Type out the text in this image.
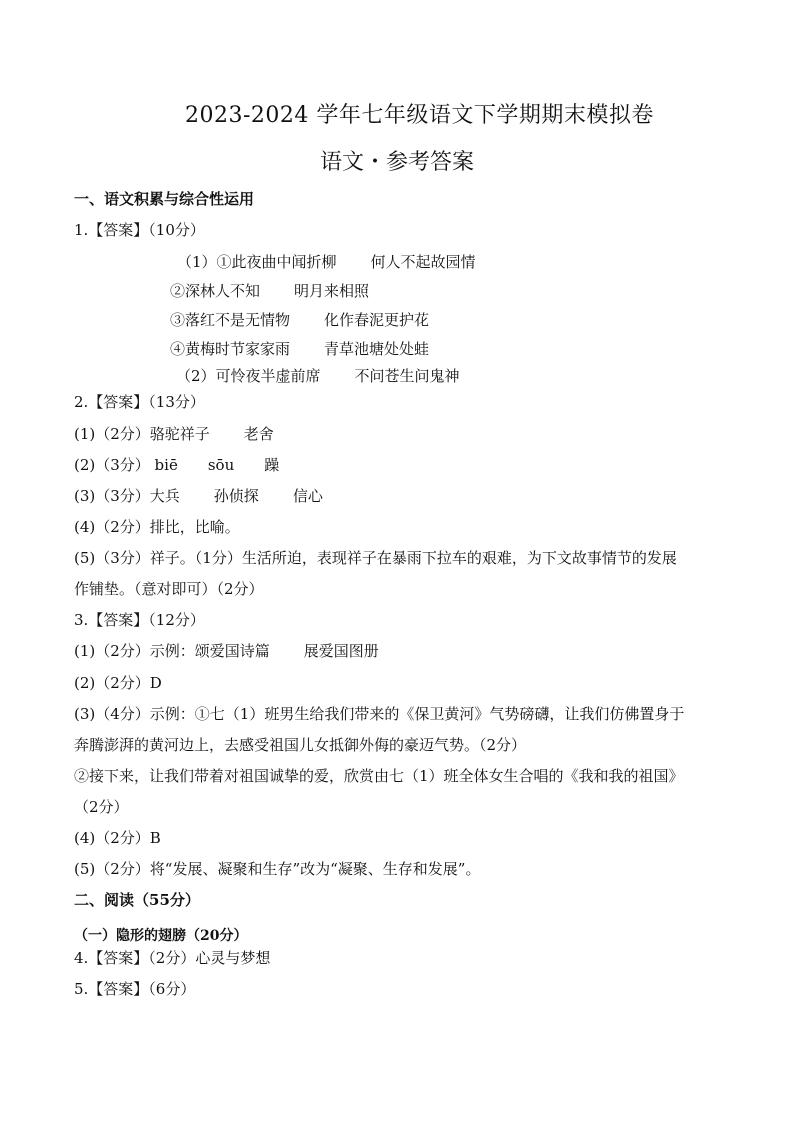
2023-2024 学年七年级语文下学期期末模拟卷
语文・参考答案
一、语文积累与综合性运用
1.【答案】（10分）
（1）①此夜曲中闻折柳 何人不起故园情
②深林人不知 明月来相照
③落红不是无情物 化作春泥更护花
④黄梅时节家家雨 青草池塘处处蛙
（2）可怜夜半虚前席 不问苍生问鬼神
2.【答案】（13分）
(1)（2分）骆驼祥子 老舍
(2)（3分） biē sōu 躁
(3)（3分）大兵 孙侦探 信心
(4)（2分）排比，比喻。
(5)（3分）祥子。（1分）生活所迫，表现祥子在暴雨下拉车的艰难，为下文故事情节的发展
作铺垫。（意对即可）（2分）
3.【答案】（12分）
(1)（2分）示例：颂爱国诗篇 展爱国图册
(2)（2分）D
(3)（4分）示例：①七（1）班男生给我们带来的《保卫黄河》气势磅礴，让我们仿佛置身于
奔腾澎湃的黄河边上，去感受祖国儿女抵御外侮的豪迈气势。（2分）
②接下来，让我们带着对祖国诚挚的爱，欣赏由七（1）班全体女生合唱的《我和我的祖国》
（2分）
(4)（2分）B
(5)（2分）将“发展、凝聚和生存”改为“凝聚、生存和发展”。
二、阅读（55分）
（一）隐形的翅膀（20分）
4.【答案】（2分）心灵与梦想
5.【答案】（6分）
